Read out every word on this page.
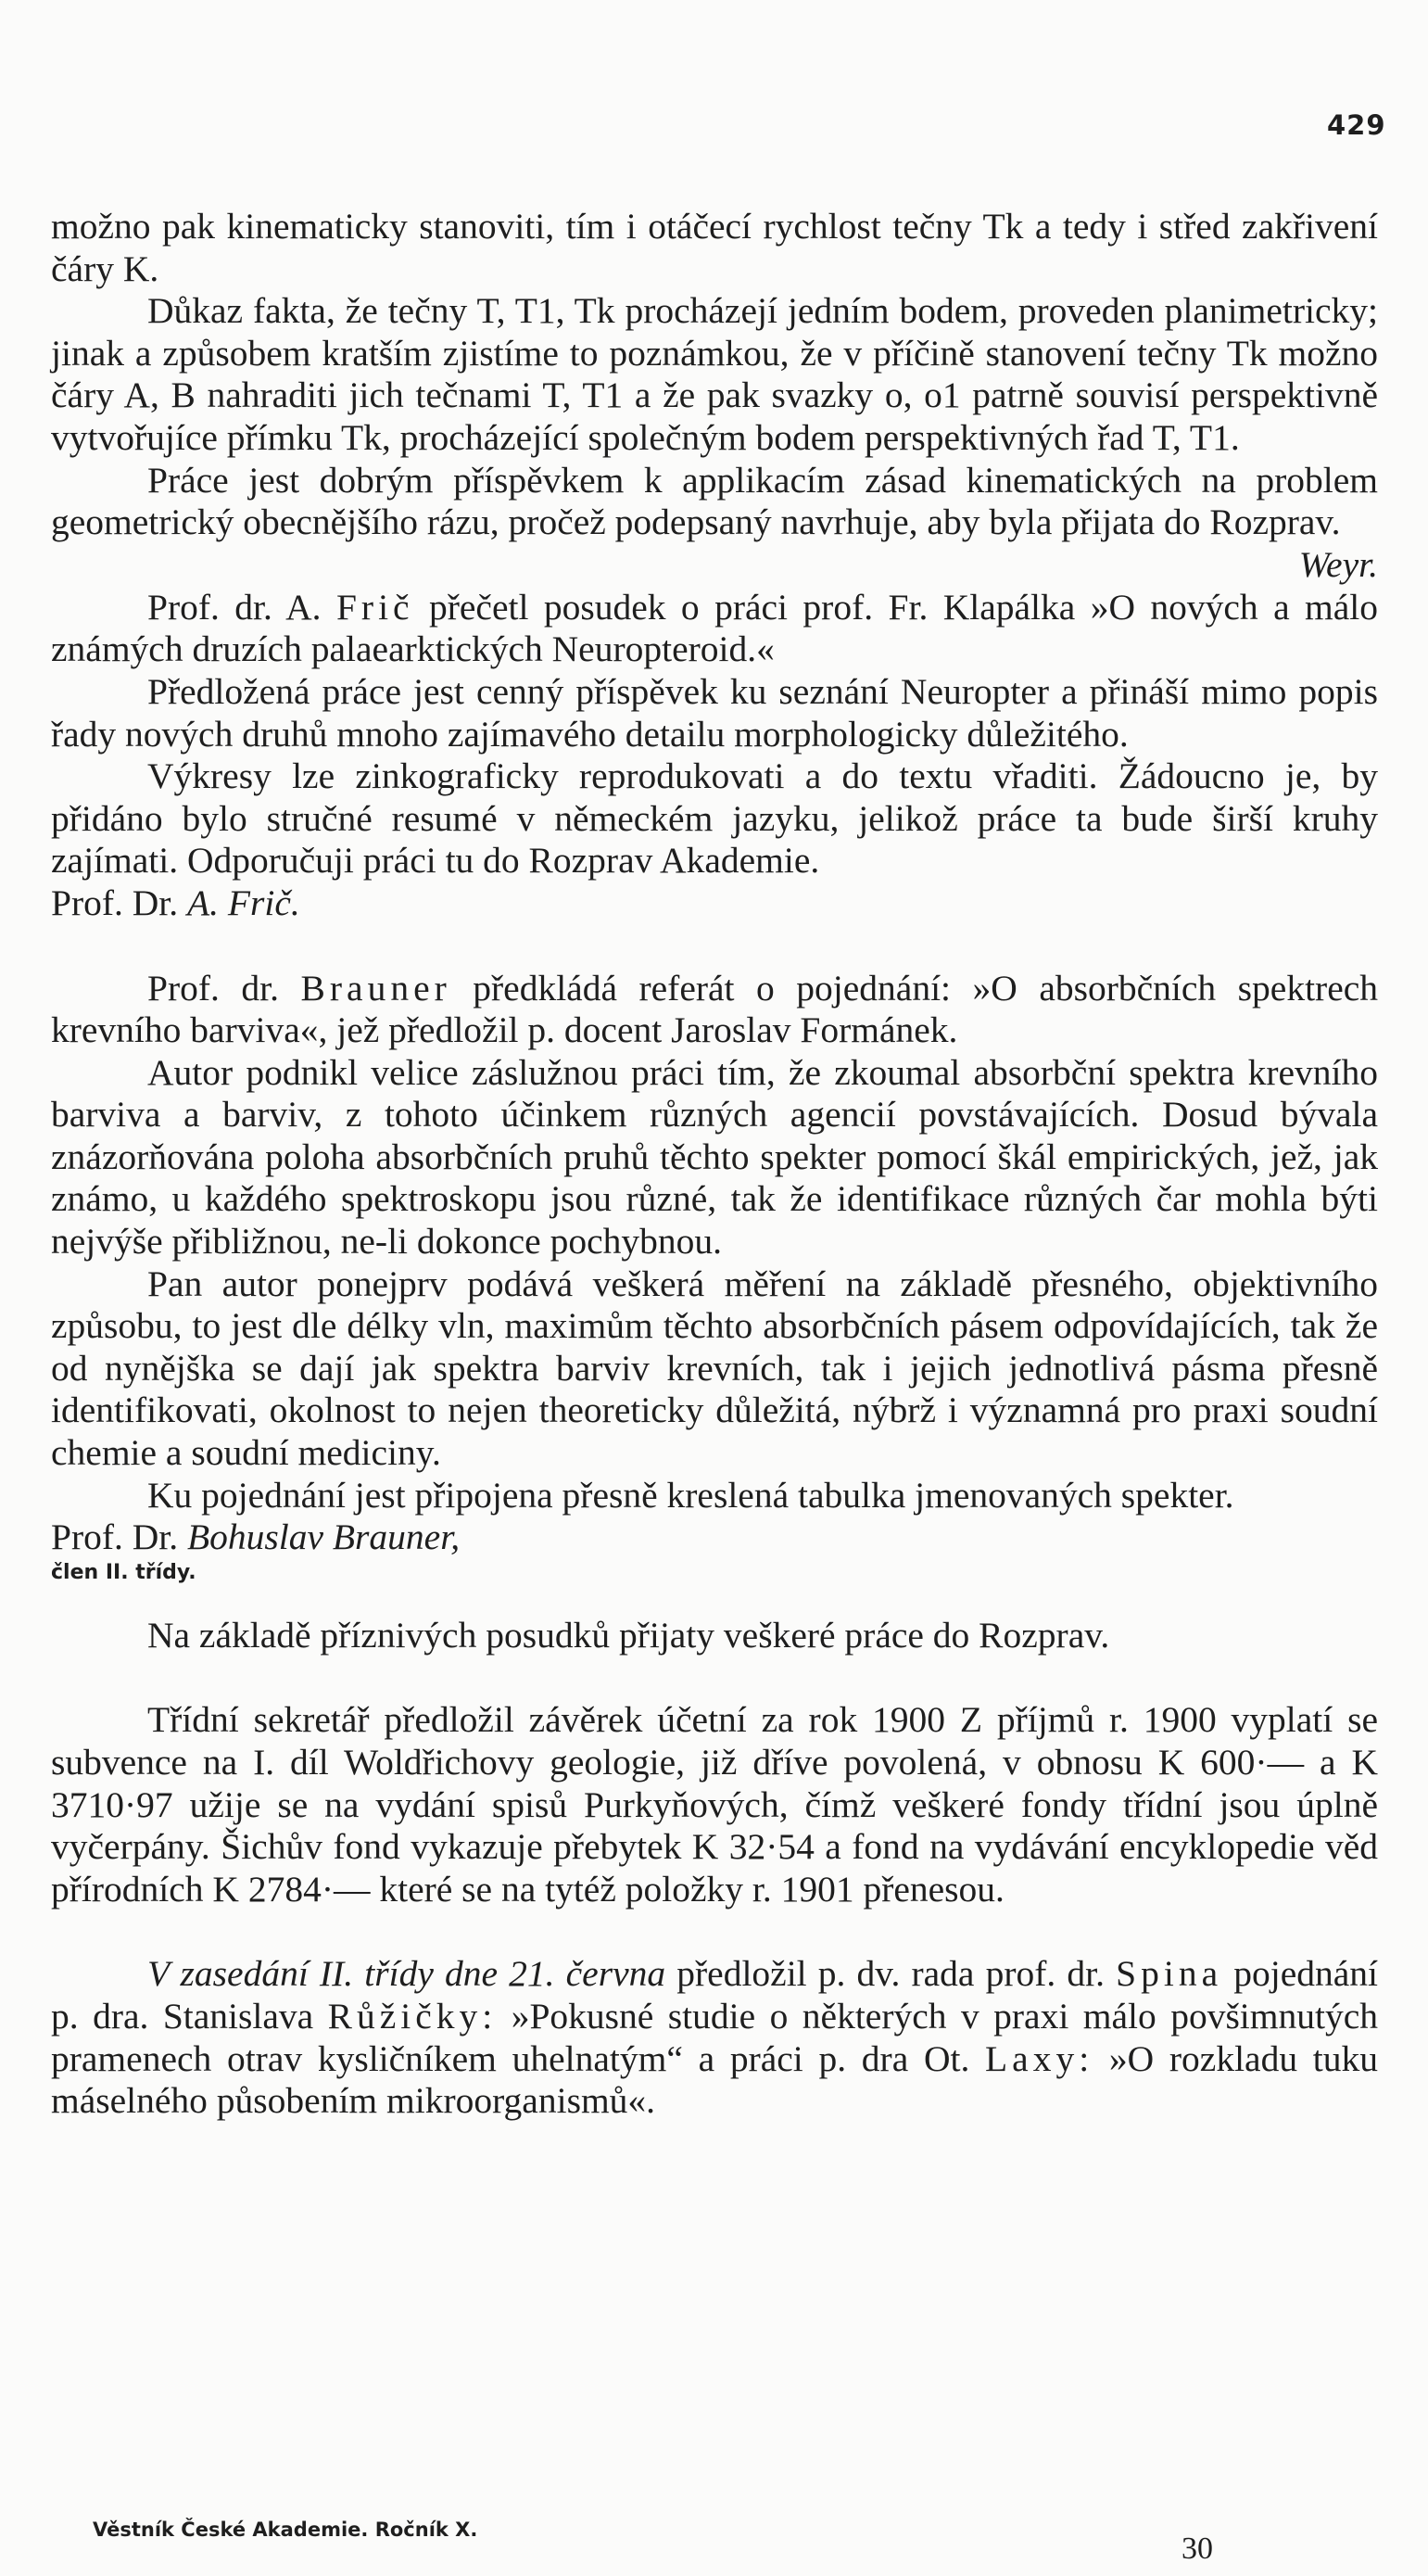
429

možno pak kinematicky stanoviti, tím i otáčecí rychlost tečny Tk a tedy i střed zakřivení čáry K.

Důkaz fakta, že tečny T, T1, Tk procházejí jedním bodem, proveden planimetricky; jinak a způsobem kratším zjistíme to poznámkou, že v příčině stanovení tečny Tk možno čáry A, B nahraditi jich tečnami T, T1 a že pak svazky o, o1 patrně souvisí perspektivně vytvořujíce přímku Tk, procházející společným bodem perspektivných řad T, T1.

Práce jest dobrým příspěvkem k applikacím zásad kinematických na problem geometrický obecnějšího rázu, pročež podepsaný navrhuje, aby byla přijata do Rozprav.
Weyr.

Prof. dr. A. Frič přečetl posudek o práci prof. Fr. Klapálka »O nových a málo známých druzích palaearktických Neuropteroid.«

Předložená práce jest cenný příspěvek ku seznání Neuropter a přináší mimo popis řady nových druhů mnoho zajímavého detailu morphologicky důležitého.

Výkresy lze zinkograficky reprodukovati a do textu vřaditi. Žádoucno je, by přidáno bylo stručné resumé v německém jazyku, jelikož práce ta bude širší kruhy zajímati. Odporučuji práci tu do Rozprav Akademie.

Prof. Dr. A. Frič.

Prof. dr. Brauner předkládá referát o pojednání: »O absorbčních spektrech krevního barviva«, jež předložil p. docent Jaroslav Formánek.

Autor podnikl velice záslužnou práci tím, že zkoumal absorbční spektra krevního barviva a barviv, z tohoto účinkem různých agencií povstávajících. Dosud bývala znázorňována poloha absorbčních pruhů těchto spekter pomocí škál empirických, jež, jak známo, u každého spektroskopu jsou různé, tak že identifikace různých čar mohla býti nejvýše přibližnou, ne-li dokonce pochybnou.

Pan autor ponejprv podává veškerá měření na základě přesného, objektivního způsobu, to jest dle délky vln, maximům těchto absorbčních pásem odpovídajících, tak že od nynějška se dají jak spektra barviv krevních, tak i jejich jednotlivá pásma přesně identifikovati, okolnost to nejen theoreticky důležitá, nýbrž i významná pro praxi soudní chemie a soudní mediciny.

Ku pojednání jest připojena přesně kreslená tabulka jmenovaných spekter.

Prof. Dr. Bohuslav Brauner,

člen II. třídy.

Na základě příznivých posudků přijaty veškeré práce do Rozprav.

Třídní sekretář předložil závěrek účetní za rok 1900 Z příjmů r. 1900 vyplatí se subvence na I. díl Woldřichovy geologie, již dříve povolená, v obnosu K 600·— a K 3710·97 užije se na vydání spisů Purkyňových, čímž veškeré fondy třídní jsou úplně vyčerpány. Šichův fond vykazuje přebytek K 32·54 a fond na vydávání encyklopedie věd přírodních K 2784·— které se na tytéž položky r. 1901 přenesou.

V zasedání II. třídy dne 21. června předložil p. dv. rada prof. dr. Spina pojednání p. dra. Stanislava Růžičky: »Pokusné studie o některých v praxi málo povšimnutých pramenech otrav kysličníkem uhelnatým“ a práci p. dra Ot. Laxy: »O rozkladu tuku máselného působením mikroorganismů«.

Věstník České Akademie. Ročník X.
30
